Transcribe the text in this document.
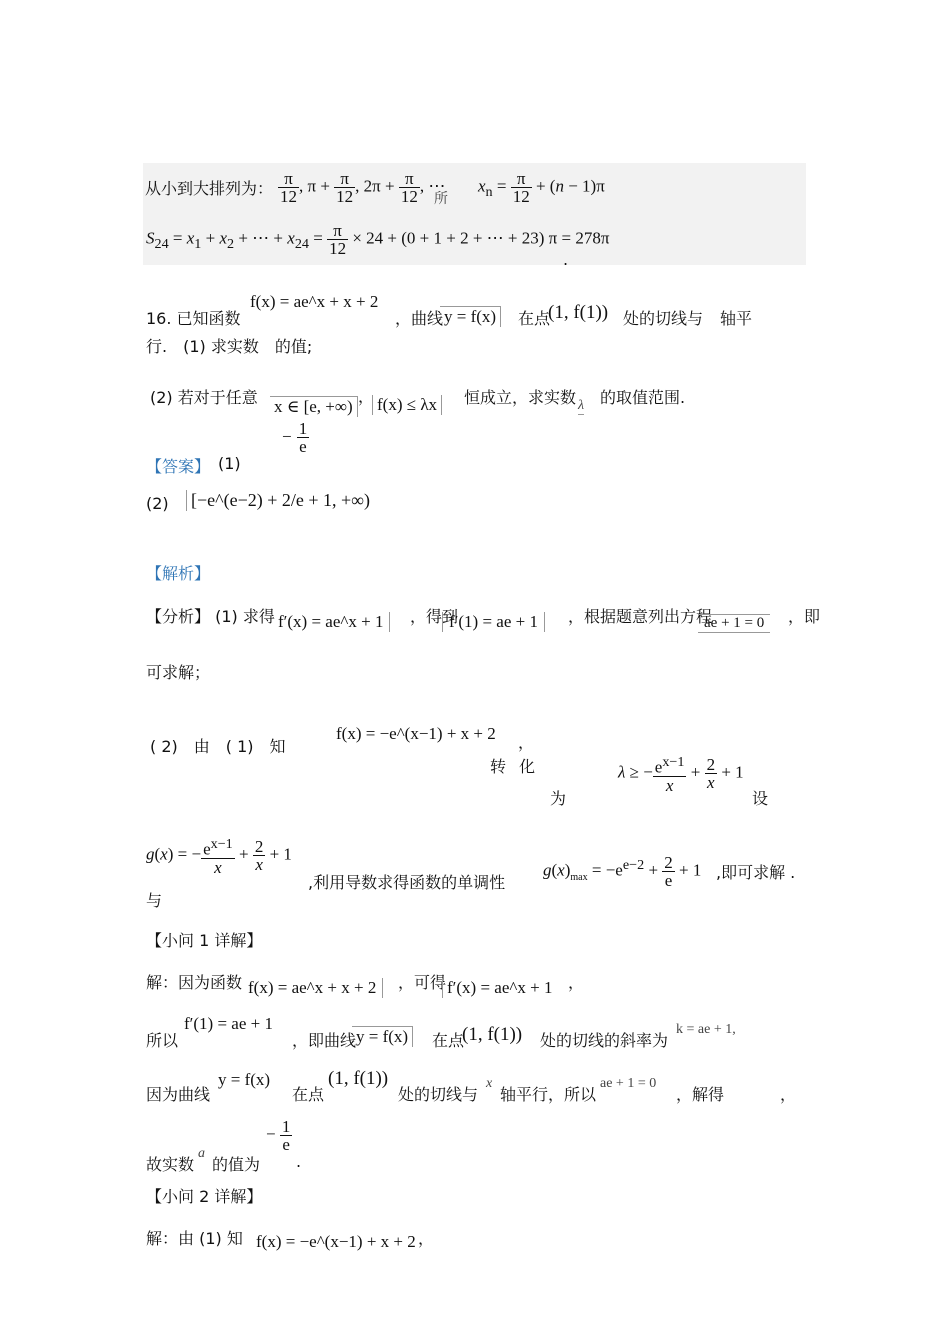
从小到大排列为： $\frac{\pi}{12}$ , $\pi + \frac{\pi}{12}$ , $2\pi + \frac{\pi}{12}$ , ⋯
所
$x_n = \frac{\pi}{12} + (n - 1)\pi$
$S_{24} = x_1 + x_2$ + ⋯ + $x_{24} = \frac{\pi}{12} \times 24 + (0 + 1 + 2$ + ⋯ + 23) π = 278π
.
16. 已知函数
f(x) = ae^x + x + 2
，曲线 y = f(x)	在点
(1, f(1)) 处的切线与 轴平
行.　(1) 求实数　的值;
(2) 若对于任意 x ∈ [e, +∞)
， f(x) ≤ λx	恒成立，求实数 λ 的取值范围.
− $\frac{1}{e}$
【答案】 (1)
(2) [−e^(e−2) + 2/e + 1, +∞)
【解析】
【分析】 (1) 求得 f′(x) = ae^x + 1	，得到
f′(1) = ae + 1	，根据题意列出方程
ae + 1 = 0	，即
可求解；
( 2)　由　( 1)　知
f(x) = −e^(x−1) + x + 2 ，
转 化
为
λ ≥ − $\frac{e^{x-1}}{x} + \frac{2}{x} + 1$
设
g(x) = − $\frac{e^{x-1}}{x} + \frac{2}{x} + 1$
,利用导数求得函数的单调性
$g(x)_{max} = -e^{e-2} + \frac{2}{e} + 1$ ,即可求解 .
与
【小问 1 详解】
解：因为函数 f(x) = ae^x + x + 2	，可得 f′(x) = ae^x + 1 ，
所以
f′(1) = ae + 1
，即曲线 y = f(x)	在点
(1, f(1)) 处的切线的斜率为
k = ae + 1,
因为曲线
y = f(x)
在点
(1, f(1))
处的切线与
x
轴平行，所以
ae + 1 = 0
，解得	，
故实数
a
的值为
− $\frac{1}{e}$
.
【小问 2 详解】
解：由 (1) 知 f(x) = −e^(x−1) + x + 2 ，
